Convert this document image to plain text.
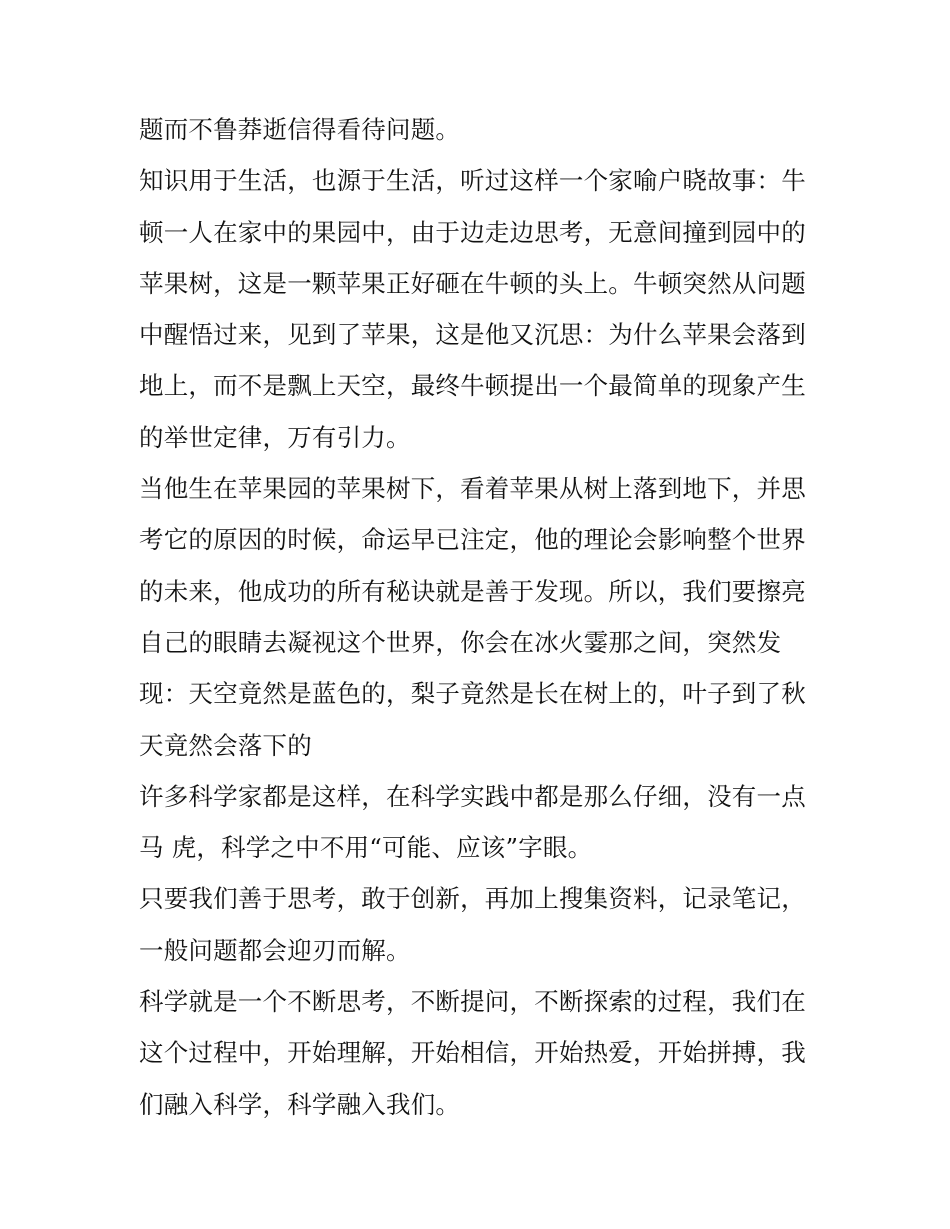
题而不鲁莽逝信得看待问题。
知识用于生活，也源于生活，听过这样一个家喻户晓故事：牛
顿一人在家中的果园中，由于边走边思考，无意间撞到园中的
苹果树，这是一颗苹果正好砸在牛顿的头上。牛顿突然从问题
中醒悟过来，见到了苹果，这是他又沉思：为什么苹果会落到
地上，而不是飘上天空，最终牛顿提出一个最简单的现象产生
的举世定律，万有引力。
当他生在苹果园的苹果树下，看着苹果从树上落到地下，并思
考它的原因的时候，命运早已注定，他的理论会影响整个世界
的未来，他成功的所有秘诀就是善于发现。所以，我们要擦亮
自己的眼睛去凝视这个世界，你会在冰火霎那之间，突然发
现：天空竟然是蓝色的，梨子竟然是长在树上的，叶子到了秋
天竟然会落下的
许多科学家都是这样，在科学实践中都是那么仔细，没有一点
马 虎，科学之中不用“可能、应该”字眼。
只要我们善于思考，敢于创新，再加上搜集资料，记录笔记，
一般问题都会迎刃而解。
科学就是一个不断思考，不断提问，不断探索的过程，我们在
这个过程中，开始理解，开始相信，开始热爱，开始拼搏，我
们融入科学，科学融入我们。
